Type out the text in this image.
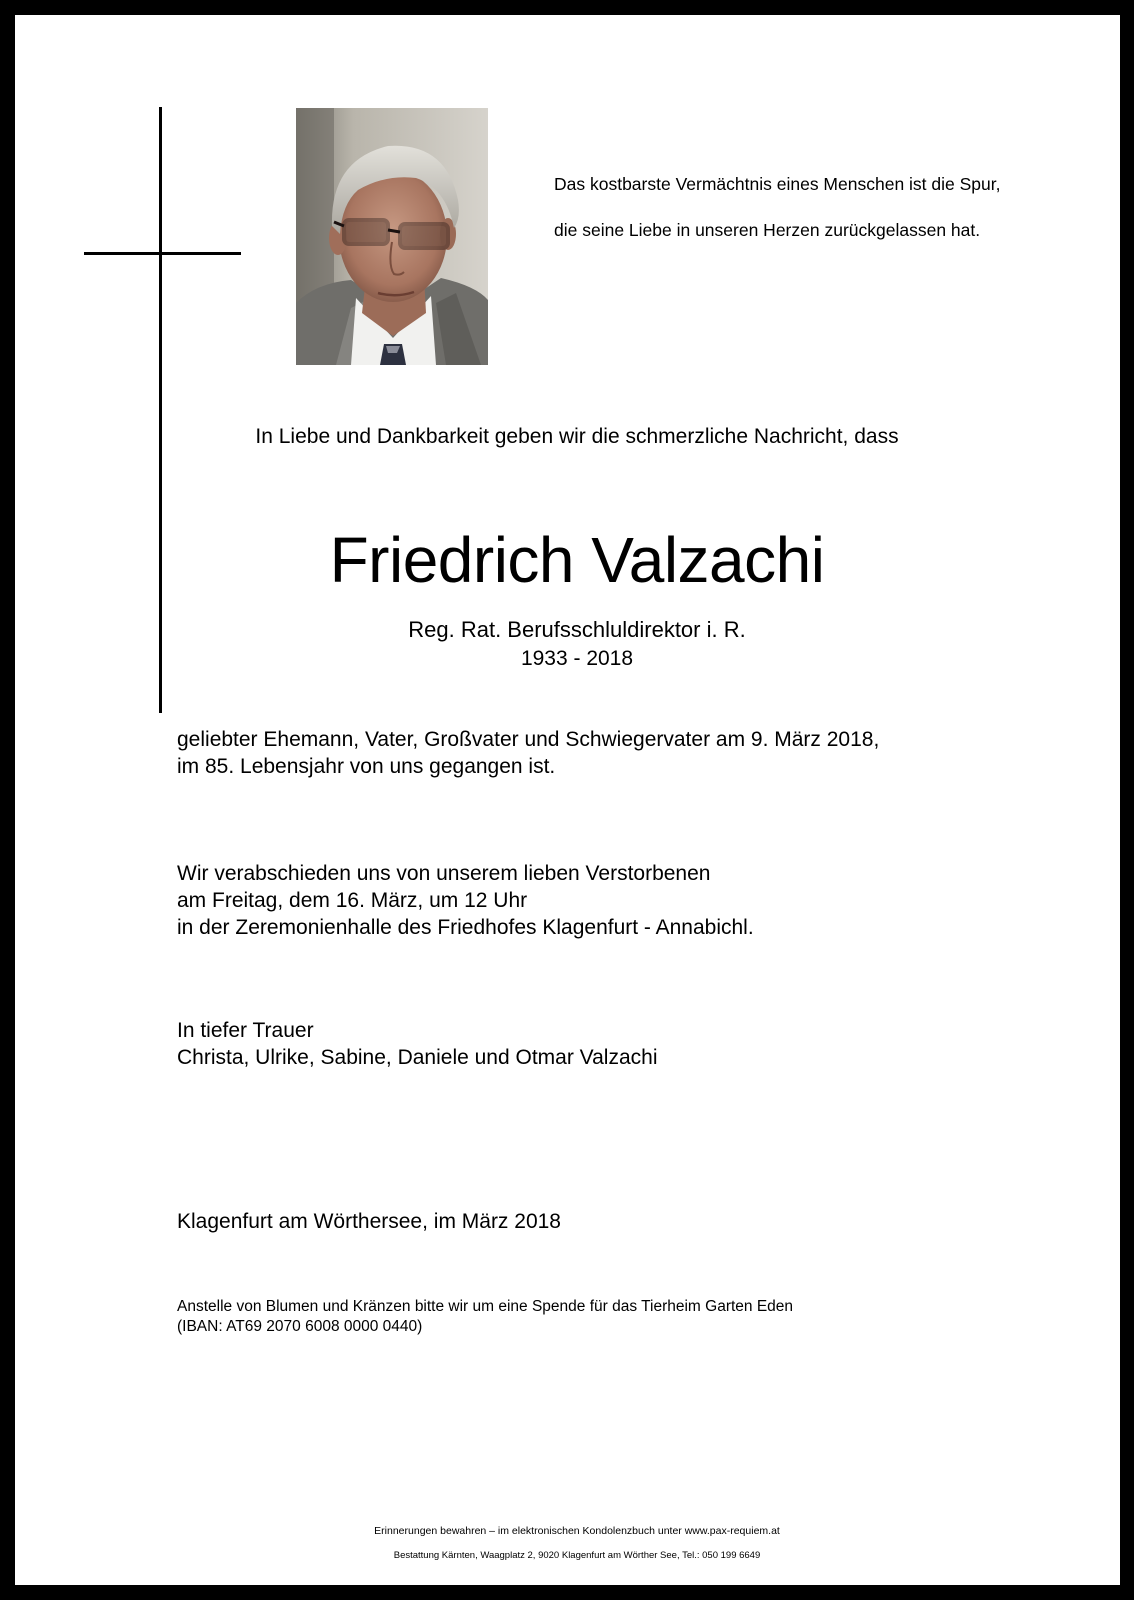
Das kostbarste Vermächtnis eines Menschen ist die Spur,
die seine Liebe in unseren Herzen zurückgelassen hat.
In Liebe und Dankbarkeit geben wir die schmerzliche Nachricht, dass
Friedrich Valzachi
Reg. Rat. Berufsschluldirektor i. R.
1933 - 2018
geliebter Ehemann, Vater, Großvater und Schwiegervater am 9. März 2018,
im 85. Lebensjahr von uns gegangen ist.
Wir verabschieden uns von unserem lieben Verstorbenen
am Freitag, dem 16. März, um 12 Uhr
in der Zeremonienhalle des Friedhofes Klagenfurt - Annabichl.
In tiefer Trauer
Christa, Ulrike, Sabine, Daniele und Otmar Valzachi
Klagenfurt am Wörthersee, im März 2018
Anstelle von Blumen und Kränzen bitte wir um eine Spende für das Tierheim Garten Eden
(IBAN: AT69 2070 6008 0000 0440)
Erinnerungen bewahren – im elektronischen Kondolenzbuch unter www.pax-requiem.at
Bestattung Kärnten, Waagplatz 2, 9020 Klagenfurt am Wörther See, Tel.: 050 199 6649
